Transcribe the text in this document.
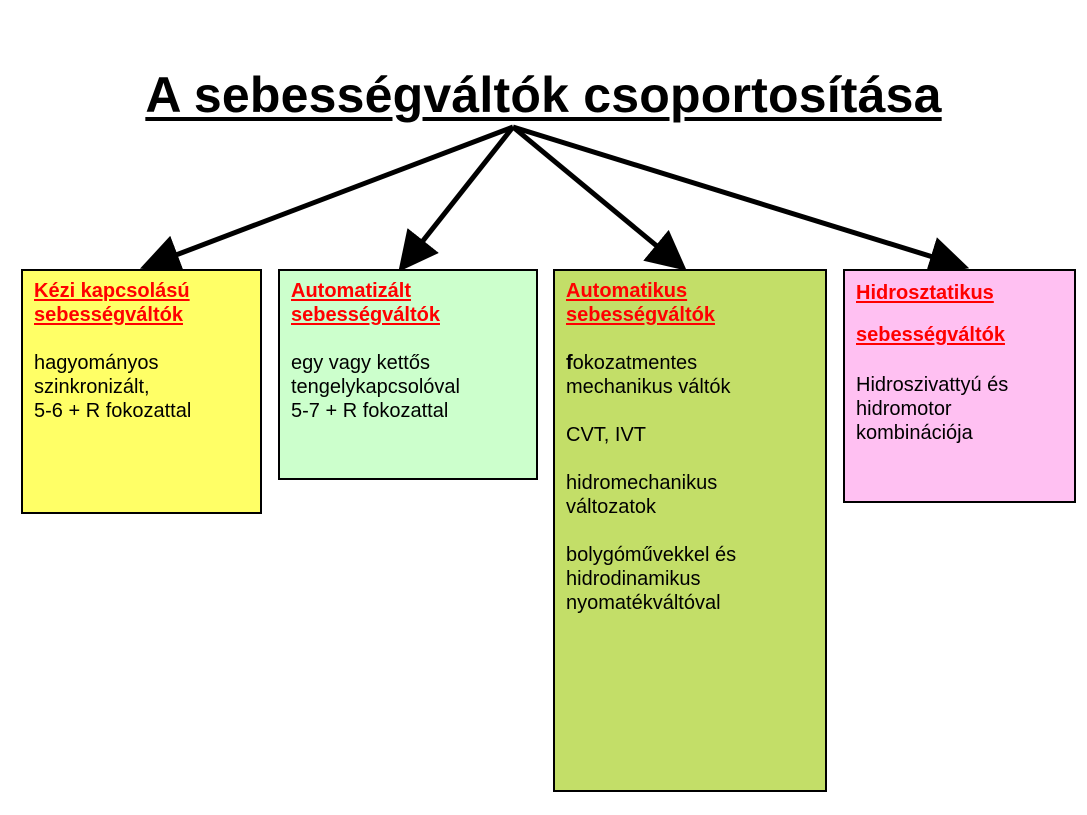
A sebességváltók csoportosítása
Kézi kapcsolású
sebességváltók
hagyományos
szinkronizált,
5-6 + R fokozattal
Automatizált
sebességváltók
egy vagy kettős
tengelykapcsolóval
5-7 + R fokozattal
Automatikus
sebességváltók
fokozatmentes
mechanikus váltók
CVT, IVT
hidromechanikus
változatok
bolygóművekkel és
hidrodinamikus
nyomatékváltóval
Hidrosztatikus
sebességváltók
Hidroszivattyú és
hidromotor
kombinációja
